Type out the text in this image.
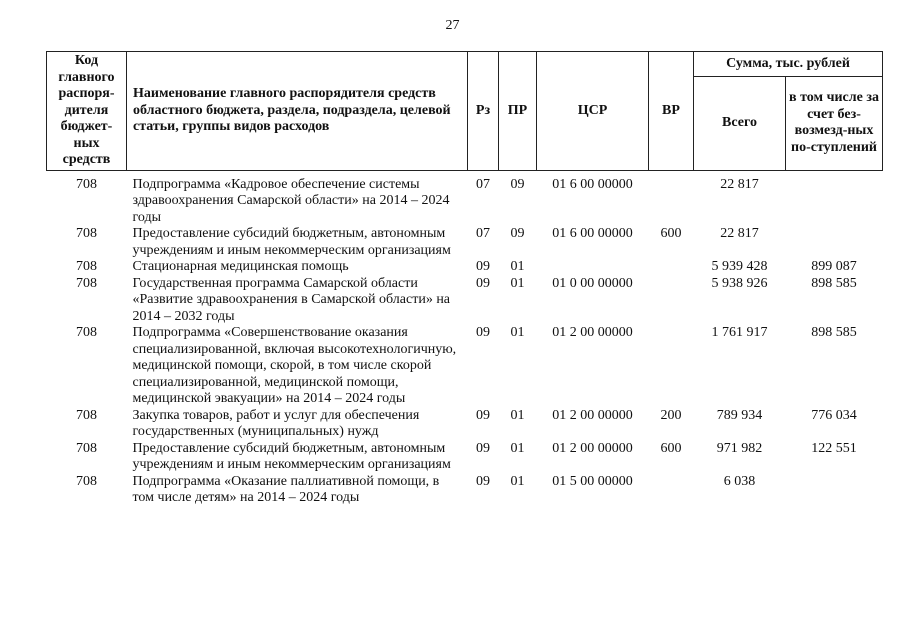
27
Код главного распоря-дителя бюджет-ных средств	Наименование главного распорядителя средств областного бюджета, раздела, подраздела, целевой статьи, группы видов расходов	Рз	ПР	ЦСР	ВР	Сумма, тыс. рублей	
						Всего	в том числе за счет без-возмезд-ных по-ступлений
708	Подпрограмма «Кадровое обеспечение системы здравоохранения Самарской области» на 2014 – 2024 годы	07	09	01 6 00 00000		22 817	
708	Предоставление субсидий бюджетным, автономным учреждениям и иным некоммерческим организациям	07	09	01 6 00 00000	600	22 817	
708	Стационарная медицинская помощь	09	01			5 939 428	899 087
708	Государственная программа Самарской области «Развитие здравоохранения в Самарской области» на 2014 – 2032 годы	09	01	01 0 00 00000		5 938 926	898 585
708	Подпрограмма «Совершенствование оказания специализированной, включая высокотехнологичную, медицинской помощи, скорой, в том числе скорой специализированной, медицинской помощи, медицинской эвакуации» на 2014 – 2024 годы	09	01	01 2 00 00000		1 761 917	898 585
708	Закупка товаров, работ и услуг для обеспечения государственных (муниципальных) нужд	09	01	01 2 00 00000	200	789 934	776 034
708	Предоставление субсидий бюджетным, автономным учреждениям и иным некоммерческим организациям	09	01	01 2 00 00000	600	971 982	122 551
708	Подпрограмма «Оказание паллиативной помощи, в том числе детям» на 2014 – 2024 годы	09	01	01 5 00 00000		6 038	
